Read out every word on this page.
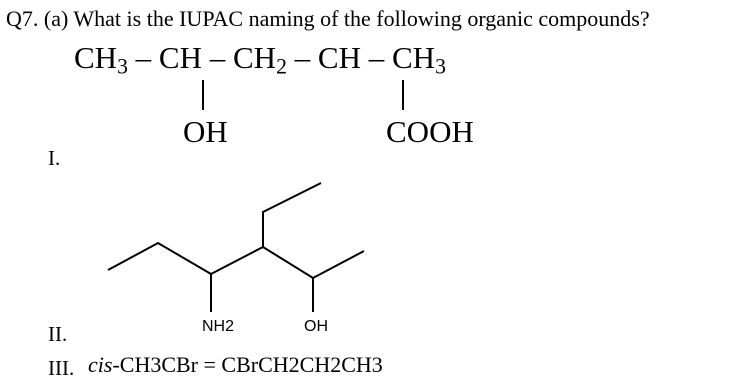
Q7. (a) What is the IUPAC naming of the following organic compounds?
$CH_3$ – CH – $CH_2$ – CH – $CH_3$
OH	COOH
I.
NH2	OH
II.
III. cis-CH3CBr = CBrCH2CH2CH3
